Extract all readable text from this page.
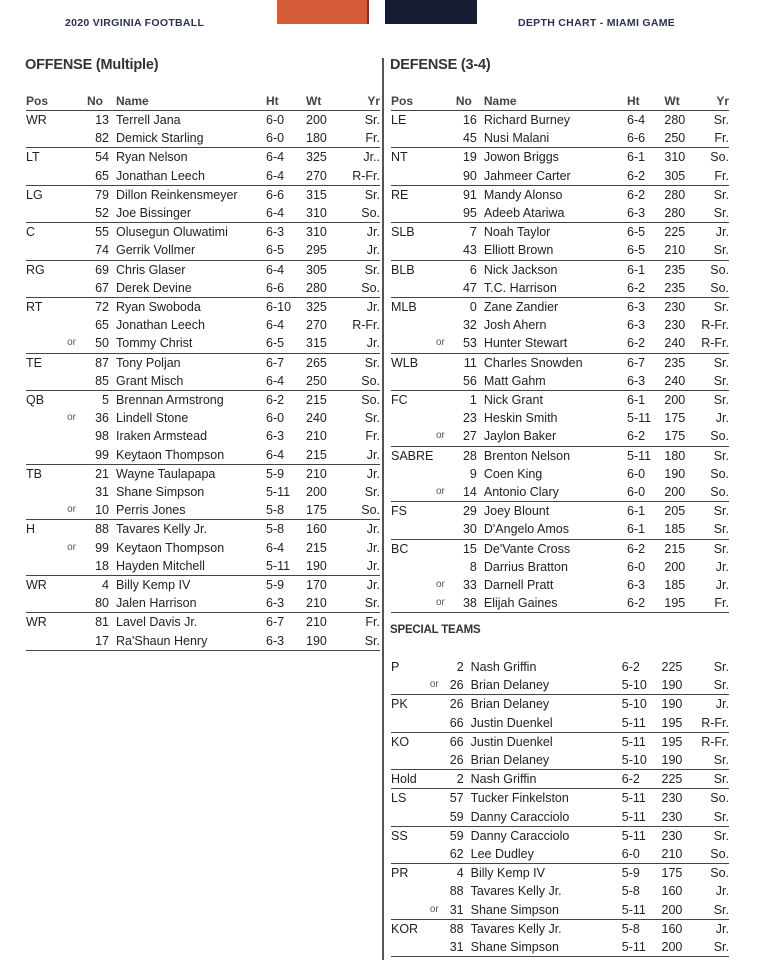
2020 VIRGINIA FOOTBALL	DEPTH CHART - MIAMI GAME
OFFENSE (Multiple)	DEFENSE (3-4)
SPECIAL TEAMS
Pos		No	Name	Ht	Wt	Yr
WR		13	Terrell Jana	6-0	200	Sr.
		82	Demick Starling	6-0	180	Fr.
LT		54	Ryan Nelson	6-4	325	Jr..
		65	Jonathan Leech	6-4	270	R-Fr.
LG		79	Dillon Reinkensmeyer	6-6	315	Sr.
		52	Joe Bissinger	6-4	310	So.
C		55	Olusegun Oluwatimi	6-3	310	Jr.
		74	Gerrik Vollmer	6-5	295	Jr.
RG		69	Chris Glaser	6-4	305	Sr.
		67	Derek Devine	6-6	280	So.
RT		72	Ryan Swoboda	6-10	325	Jr.
		65	Jonathan Leech	6-4	270	R-Fr.
	or	50	Tommy Christ	6-5	315	Jr.
TE		87	Tony Poljan	6-7	265	Sr.
		85	Grant Misch	6-4	250	So.
QB		5	Brennan Armstrong	6-2	215	So.
	or	36	Lindell Stone	6-0	240	Sr.
		98	Iraken Armstead	6-3	210	Fr.
		99	Keytaon Thompson	6-4	215	Jr.
TB		21	Wayne Taulapapa	5-9	210	Jr.
		31	Shane Simpson	5-11	200	Sr.
	or	10	Perris Jones	5-8	175	So.
H		88	Tavares Kelly Jr.	5-8	160	Jr.
	or	99	Keytaon Thompson	6-4	215	Jr.
		18	Hayden Mitchell	5-11	190	Jr.
WR		4	Billy Kemp IV	5-9	170	Jr.
		80	Jalen Harrison	6-3	210	Sr.
WR		81	Lavel Davis Jr.	6-7	210	Fr.
		17	Ra'Shaun Henry	6-3	190	Sr.
Pos		No	Name	Ht	Wt	Yr
LE		16	Richard Burney	6-4	280	Sr.
		45	Nusi Malani	6-6	250	Fr.
NT		19	Jowon Briggs	6-1	310	So.
		90	Jahmeer Carter	6-2	305	Fr.
RE		91	Mandy Alonso	6-2	280	Sr.
		95	Adeeb Atariwa	6-3	280	Sr.
SLB		7	Noah Taylor	6-5	225	Jr.
		43	Elliott Brown	6-5	210	Sr.
BLB		6	Nick Jackson	6-1	235	So.
		47	T.C. Harrison	6-2	235	So.
MLB		0	Zane Zandier	6-3	230	Sr.
		32	Josh Ahern	6-3	230	R-Fr.
	or	53	Hunter Stewart	6-2	240	R-Fr.
WLB		11	Charles Snowden	6-7	235	Sr.
		56	Matt Gahm	6-3	240	Sr.
FC		1	Nick Grant	6-1	200	Sr.
		23	Heskin Smith	5-11	175	Jr.
	or	27	Jaylon Baker	6-2	175	So.
SABRE		28	Brenton Nelson	5-11	180	Sr.
		9	Coen King	6-0	190	So.
	or	14	Antonio Clary	6-0	200	So.
FS		29	Joey Blount	6-1	205	Sr.
		30	D'Angelo Amos	6-1	185	Sr.
BC		15	De'Vante Cross	6-2	215	Sr.
		8	Darrius Bratton	6-0	200	Jr.
	or	33	Darnell Pratt	6-3	185	Jr.
	or	38	Elijah Gaines	6-2	195	Fr.
P		2	Nash Griffin	6-2	225	Sr.
	or	26	Brian Delaney	5-10	190	Sr.
PK		26	Brian Delaney	5-10	190	Jr.
		66	Justin Duenkel	5-11	195	R-Fr.
KO		66	Justin Duenkel	5-11	195	R-Fr.
		26	Brian Delaney	5-10	190	Sr.
Hold		2	Nash Griffin	6-2	225	Sr.
LS		57	Tucker Finkelston	5-11	230	So.
		59	Danny Caracciolo	5-11	230	Sr.
SS		59	Danny Caracciolo	5-11	230	Sr.
		62	Lee Dudley	6-0	210	So.
PR		4	Billy Kemp IV	5-9	175	So.
		88	Tavares Kelly Jr.	5-8	160	Jr.
	or	31	Shane Simpson	5-11	200	Sr.
KOR		88	Tavares Kelly Jr.	5-8	160	Jr.
		31	Shane Simpson	5-11	200	Sr.
